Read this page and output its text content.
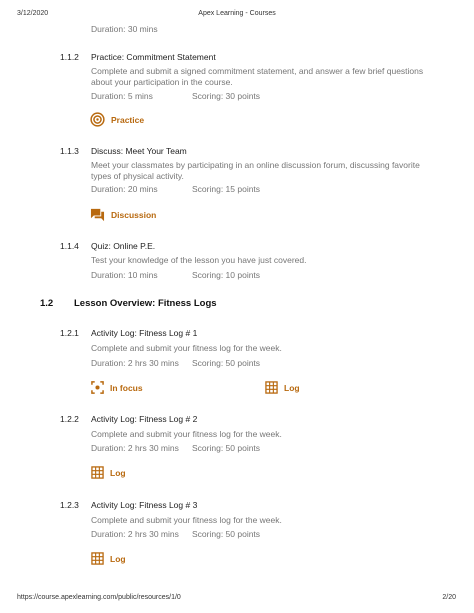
3/12/2020	Apex Learning - Courses
Duration: 30 mins
1.1.2 Practice: Commitment Statement
Complete and submit a signed commitment statement, and answer a few brief questions about your participation in the course.
Duration: 5 mins	Scoring: 30 points
Practice
1.1.3 Discuss: Meet Your Team
Meet your classmates by participating in an online discussion forum, discussing favorite types of physical activity.
Duration: 20 mins	Scoring: 15 points
Discussion
1.1.4 Quiz: Online P.E.
Test your knowledge of the lesson you have just covered.
Duration: 10 mins	Scoring: 10 points
1.2 Lesson Overview: Fitness Logs
1.2.1 Activity Log: Fitness Log # 1
Complete and submit your fitness log for the week.
Duration: 2 hrs 30 mins Scoring: 50 points
In focus	Log
1.2.2 Activity Log: Fitness Log # 2
Complete and submit your fitness log for the week.
Duration: 2 hrs 30 mins Scoring: 50 points
Log
1.2.3 Activity Log: Fitness Log # 3
Complete and submit your fitness log for the week.
Duration: 2 hrs 30 mins Scoring: 50 points
Log
https://course.apexlearning.com/public/resources/1/0	2/20
